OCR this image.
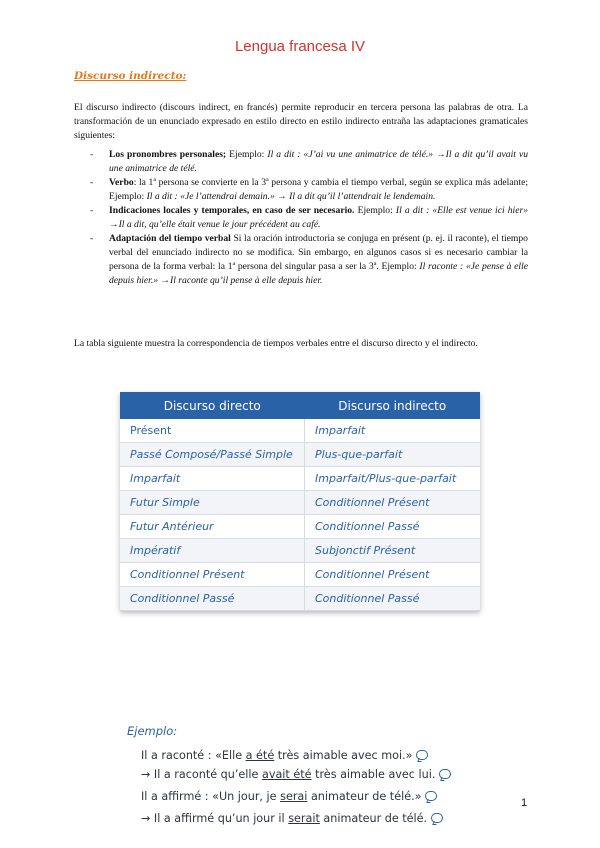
Lengua francesa IV
Discurso indirecto:
El discurso indirecto (discours indirect, en francés) permite reproducir en tercera persona las palabras de otra. La transformación de un enunciado expresado en estilo directo en estilo indirecto entraña las adaptaciones gramaticales siguientes:
- Los pronombres personales; Ejemplo: Il a dit : «J’ai vu une animatrice de télé.» →Il a dit qu’il avait vu une animatrice de télé.
- Verbo: la 1ª persona se convierte en la 3ª persona y cambia el tiempo verbal, según se explica más adelante; Ejemplo: Il a dit : «Je l’attendrai demain.» → Il a dit qu’il l’attendrait le lendemain.
- Indicaciones locales y temporales, en caso de ser necesario. Ejemplo: Il a dit : «Elle est venue ici hier» →Il a dit, qu’elle était venue le jour précédent au café.
- Adaptación del tiempo verbal Si la oración introductoria se conjuga en présent (p. ej. il raconte), el tiempo verbal del enunciado indirecto no se modifica. Sin embargo, en algunos casos si es necesario cambiar la persona de la forma verbal: la 1ª persona del singular pasa a ser la 3ª. Ejemplo: Il raconte : «Je pense à elle depuis hier.» →Il raconte qu’il pense à elle depuis hier.
La tabla siguiente muestra la correspondencia de tiempos verbales entre el discurso directo y el indirecto.
Discurso directo	Discurso indirecto
Présent	Imparfait
Passé Composé/Passé Simple	Plus-que-parfait
Imparfait	Imparfait/Plus-que-parfait
Futur Simple	Conditionnel Présent
Futur Antérieur	Conditionnel Passé
Impératif	Subjonctif Présent
Conditionnel Présent	Conditionnel Présent
Conditionnel Passé	Conditionnel Passé
Ejemplo:
Il a raconté : «Elle a été très aimable avec moi.»
→ Il a raconté qu’elle avait été très aimable avec lui.
Il a affirmé : «Un jour, je serai animateur de télé.»
→ Il a affirmé qu’un jour il serait animateur de télé.
1
